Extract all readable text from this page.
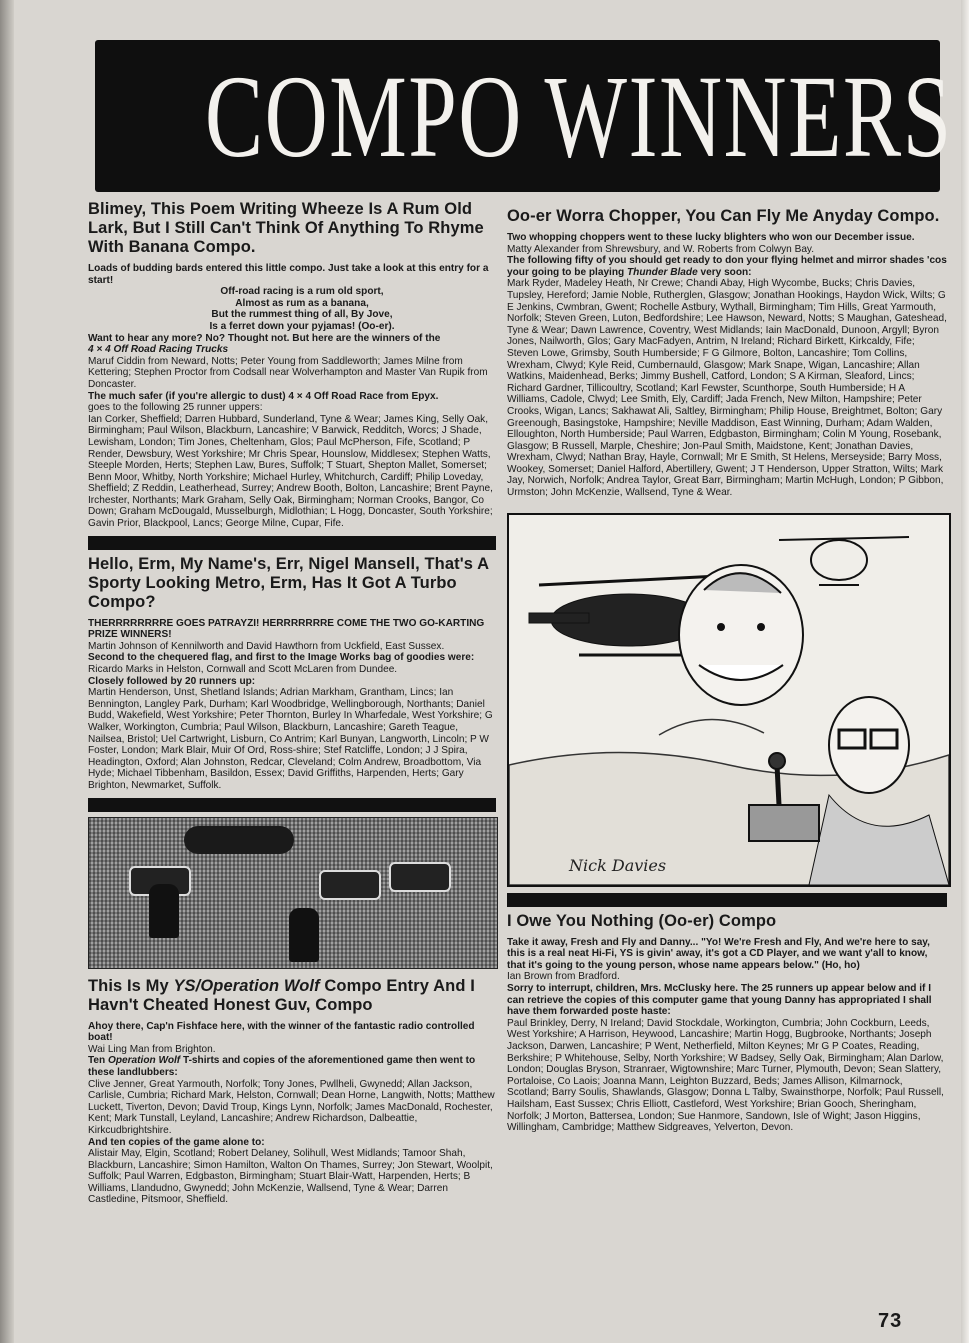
COMPO WINNERS
Blimey, This Poem Writing Wheeze Is A Rum Old Lark, But I Still Can't Think Of Anything To Rhyme With Banana Compo.

Loads of budding bards entered this little compo. Just take a look at this entry for a start!

Off-road racing is a rum old sport,
Almost as rum as a banana,
But the rummest thing of all, By Jove,
Is a ferret down your pyjamas! (Oo-er).

Want to hear any more? No? Thought not. But here are the winners of the
4 × 4 Off Road Racing Trucks

Maruf Ciddin from Neward, Notts; Peter Young from Saddleworth; James Milne from Kettering; Stephen Proctor from Codsall near Wolverhampton and Master Van Rupik from Doncaster.

The much safer (if you're allergic to dust) 4 × 4 Off Road Race from Epyx.

goes to the following 25 runner uppers:

Ian Corker, Sheffield; Darren Hubbard, Sunderland, Tyne & Wear; James King, Selly Oak, Birmingham; Paul Wilson, Blackburn, Lancashire; V Barwick, Redditch, Worcs; J Shade, Lewisham, London; Tim Jones, Cheltenham, Glos; Paul McPherson, Fife, Scotland; P Render, Dewsbury, West Yorkshire; Mr Chris Spear, Hounslow, Middlesex; Stephen Watts, Steeple Morden, Herts; Stephen Law, Bures, Suffolk; T Stuart, Shepton Mallet, Somerset; Benn Moor, Whitby, North Yorkshire; Michael Hurley, Whitchurch, Cardiff; Philip Loveday, Sheffield; Z Reddin, Leatherhead, Surrey; Andrew Booth, Bolton, Lancashire; Brent Payne, Irchester, Northants; Mark Graham, Selly Oak, Birmingham; Norman Crooks, Bangor, Co Down; Graham McDougald, Musselburgh, Midlothian; L Hogg, Doncaster, South Yorkshire; Gavin Prior, Blackpool, Lancs; George Milne, Cupar, Fife.

Hello, Erm, My Name's, Err, Nigel Mansell, That's A Sporty Looking Metro, Erm, Has It Got A Turbo Compo?

THERRRRRRRRE GOES PATRAYZI! HERRRRRRRE COME THE TWO GO-KARTING PRIZE WINNERS!

Martin Johnson of Kennilworth and David Hawthorn from Uckfield, East Sussex.

Second to the chequered flag, and first to the Image Works bag of goodies were:

Ricardo Marks in Helston, Cornwall and Scott McLaren from Dundee.

Closely followed by 20 runners up:

Martin Henderson, Unst, Shetland Islands; Adrian Markham, Grantham, Lincs; Ian Bennington, Langley Park, Durham; Karl Woodbridge, Wellingborough, Northants; Daniel Budd, Wakefield, West Yorkshire; Peter Thornton, Burley In Wharfedale, West Yorkshire; G Walker, Workington, Cumbria; Paul Wilson, Blackburn, Lancashire; Gareth Teague, Nailsea, Bristol; Uel Cartwright, Lisburn, Co Antrim; Karl Bunyan, Langworth, Lincoln; P W Foster, London; Mark Blair, Muir Of Ord, Ross-shire; Stef Ratcliffe, London; J J Spira, Headington, Oxford; Alan Johnston, Redcar, Cleveland; Colm Andrew, Broadbottom, Via Hyde; Michael Tibbenham, Basildon, Essex; David Griffiths, Harpenden, Herts; Gary Brighton, Newmarket, Suffolk.

This Is My YS/Operation Wolf Compo Entry And I Havn't Cheated Honest Guv, Compo

Ahoy there, Cap'n Fishface here, with the winner of the fantastic radio controlled boat!

Wai Ling Man from Brighton.

Ten Operation Wolf T-shirts and copies of the aforementioned game then went to these landlubbers:

Clive Jenner, Great Yarmouth, Norfolk; Tony Jones, Pwllheli, Gwynedd; Allan Jackson, Carlisle, Cumbria; Richard Mark, Helston, Cornwall; Dean Horne, Langwith, Notts; Matthew Luckett, Tiverton, Devon; David Troup, Kings Lynn, Norfolk; James MacDonald, Rochester, Kent; Mark Tunstall, Leyland, Lancashire; Andrew Richardson, Dalbeattie, Kirkcudbrightshire.

And ten copies of the game alone to:

Alistair May, Elgin, Scotland; Robert Delaney, Solihull, West Midlands; Tamoor Shah, Blackburn, Lancashire; Simon Hamilton, Walton On Thames, Surrey; Jon Stewart, Woolpit, Suffolk; Paul Warren, Edgbaston, Birmingham; Stuart Blair-Watt, Harpenden, Herts; B Williams, Llandudno, Gwynedd; John McKenzie, Wallsend, Tyne & Wear; Darren Castledine, Pitsmoor, Sheffield.

Oo-er Worra Chopper, You Can Fly Me Anyday Compo.

Two whopping choppers went to these lucky blighters who won our December issue.

Matty Alexander from Shrewsbury, and W. Roberts from Colwyn Bay.

The following fifty of you should get ready to don your flying helmet and mirror shades 'cos your going to be playing Thunder Blade very soon:

Mark Ryder, Madeley Heath, Nr Crewe; Chandi Abay, High Wycombe, Bucks; Chris Davies, Tupsley, Hereford; Jamie Noble, Rutherglen, Glasgow; Jonathan Hookings, Haydon Wick, Wilts; G E Jenkins, Cwmbran, Gwent; Rochelle Astbury, Wythall, Birmingham; Tim Hills, Great Yarmouth, Norfolk; Steven Green, Luton, Bedfordshire; Lee Hawson, Neward, Notts; S Maughan, Gateshead, Tyne & Wear; Dawn Lawrence, Coventry, West Midlands; Iain MacDonald, Dunoon, Argyll; Byron Jones, Nailworth, Glos; Gary MacFadyen, Antrim, N Ireland; Richard Birkett, Kirkcaldy, Fife; Steven Lowe, Grimsby, South Humberside; F G Gilmore, Bolton, Lancashire; Tom Collins, Wrexham, Clwyd; Kyle Reid, Cumbernauld, Glasgow; Mark Snape, Wigan, Lancashire; Allan Watkins, Maidenhead, Berks; Jimmy Bushell, Catford, London; S A Kirman, Sleaford, Lincs; Richard Gardner, Tillicoultry, Scotland; Karl Fewster, Scunthorpe, South Humberside; H A Williams, Cadole, Clwyd; Lee Smith, Ely, Cardiff; Jada French, New Milton, Hampshire; Peter Crooks, Wigan, Lancs; Sakhawat Ali, Saltley, Birmingham; Philip House, Breightmet, Bolton; Gary Greenough, Basingstoke, Hampshire; Neville Maddison, East Winning, Durham; Adam Walden, Elloughton, North Humberside; Paul Warren, Edgbaston, Birmingham; Colin M Young, Rosebank, Glasgow; B Russell, Marple, Cheshire; Jon-Paul Smith, Maidstone, Kent; Jonathan Davies, Wrexham, Clwyd; Nathan Bray, Hayle, Cornwall; Mr E Smith, St Helens, Merseyside; Barry Moss, Wookey, Somerset; Daniel Halford, Abertillery, Gwent; J T Henderson, Upper Stratton, Wilts; Mark Jay, Norwich, Norfolk; Andrea Taylor, Great Barr, Birmingham; Martin McHugh, London; P Gibbon, Urmston; John McKenzie, Wallsend, Tyne & Wear.

Nick Davies
I Owe You Nothing (Oo-er) Compo

Take it away, Fresh and Fly and Danny... "Yo! We're Fresh and Fly, And we're here to say, this is a real neat Hi-Fi, YS is givin' away, it's got a CD Player, and we want y'all to know, that it's going to the young person, whose name appears below." (Ho, ho)

Ian Brown from Bradford.

Sorry to interrupt, children, Mrs. McClusky here. The 25 runners up appear below and if I can retrieve the copies of this computer game that young Danny has appropriated I shall have them forwarded poste haste:

Paul Brinkley, Derry, N Ireland; David Stockdale, Workington, Cumbria; John Cockburn, Leeds, West Yorkshire; A Harrison, Heywood, Lancashire; Martin Hogg, Bugbrooke, Northants; Joseph Jackson, Darwen, Lancashire; P Went, Netherfield, Milton Keynes; Mr G P Coates, Reading, Berkshire; P Whitehouse, Selby, North Yorkshire; W Badsey, Selly Oak, Birmingham; Alan Darlow, London; Douglas Bryson, Stranraer, Wigtownshire; Marc Turner, Plymouth, Devon; Sean Slattery, Portaloise, Co Laois; Joanna Mann, Leighton Buzzard, Beds; James Allison, Kilmarnock, Scotland; Barry Soulis, Shawlands, Glasgow; Donna L Talby, Swainsthorpe, Norfolk; Paul Russell, Hailsham, East Sussex; Chris Elliott, Castleford, West Yorkshire; Brian Gooch, Sheringham, Norfolk; J Morton, Battersea, London; Sue Hanmore, Sandown, Isle of Wight; Jason Higgins, Willingham, Cambridge; Matthew Sidgreaves, Yelverton, Devon.

73
